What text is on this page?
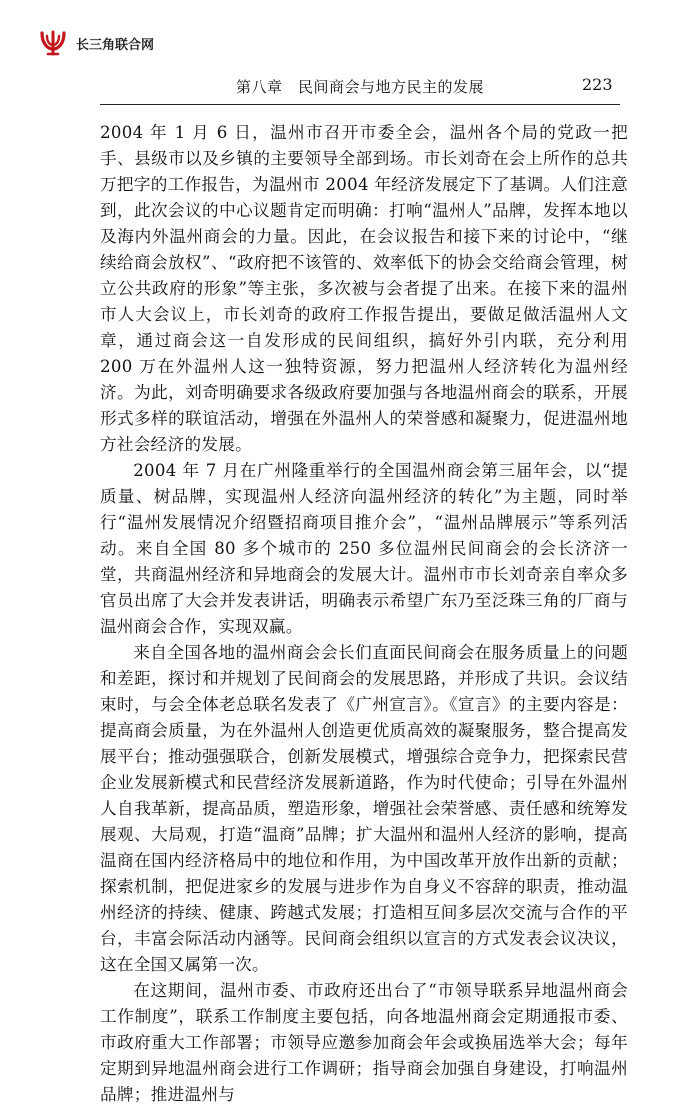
长三角联合网
第八章　民间商会与地方民主的发展	223

2004 年 1 月 6 日，温州市召开市委全会，温州各个局的党政一把手、县级市以及乡镇的主要领导全部到场。市长刘奇在会上所作的总共万把字的工作报告，为温州市 2004 年经济发展定下了基调。人们注意到，此次会议的中心议题肯定而明确：打响“温州人”品牌，发挥本地以及海内外温州商会的力量。因此，在会议报告和接下来的讨论中，“继续给商会放权”、“政府把不该管的、效率低下的协会交给商会管理，树立公共政府的形象”等主张，多次被与会者提了出来。在接下来的温州市人大会议上，市长刘奇的政府工作报告提出，要做足做活温州人文章，通过商会这一自发形成的民间组织，搞好外引内联，充分利用 200 万在外温州人这一独特资源，努力把温州人经济转化为温州经济。为此，刘奇明确要求各级政府要加强与各地温州商会的联系，开展形式多样的联谊活动，增强在外温州人的荣誉感和凝聚力，促进温州地方社会经济的发展。

2004 年 7 月在广州隆重举行的全国温州商会第三届年会，以“提质量、树品牌，实现温州人经济向温州经济的转化”为主题，同时举行“温州发展情况介绍暨招商项目推介会”，“温州品牌展示”等系列活动。来自全国 80 多个城市的 250 多位温州民间商会的会长济济一堂，共商温州经济和异地商会的发展大计。温州市市长刘奇亲自率众多官员出席了大会并发表讲话，明确表示希望广东乃至泛珠三角的厂商与温州商会合作，实现双赢。

来自全国各地的温州商会会长们直面民间商会在服务质量上的问题和差距，探讨和并规划了民间商会的发展思路，并形成了共识。会议结束时，与会全体老总联名发表了《广州宣言》。《宣言》的主要内容是：提高商会质量，为在外温州人创造更优质高效的凝聚服务，整合提高发展平台；推动强强联合，创新发展模式，增强综合竞争力，把探索民营企业发展新模式和民营经济发展新道路，作为时代使命；引导在外温州人自我革新，提高品质，塑造形象，增强社会荣誉感、责任感和统筹发展观、大局观，打造“温商”品牌；扩大温州和温州人经济的影响，提高温商在国内经济格局中的地位和作用，为中国改革开放作出新的贡献；探索机制，把促进家乡的发展与进步作为自身义不容辞的职责，推动温州经济的持续、健康、跨越式发展；打造相互间多层次交流与合作的平台，丰富会际活动内涵等。民间商会组织以宣言的方式发表会议决议，这在全国又属第一次。

在这期间，温州市委、市政府还出台了“市领导联系异地温州商会工作制度”，联系工作制度主要包括，向各地温州商会定期通报市委、市政府重大工作部署；市领导应邀参加商会年会或换届选举大会；每年定期到异地温州商会进行工作调研；指导商会加强自身建设，打响温州品牌；推进温州与
